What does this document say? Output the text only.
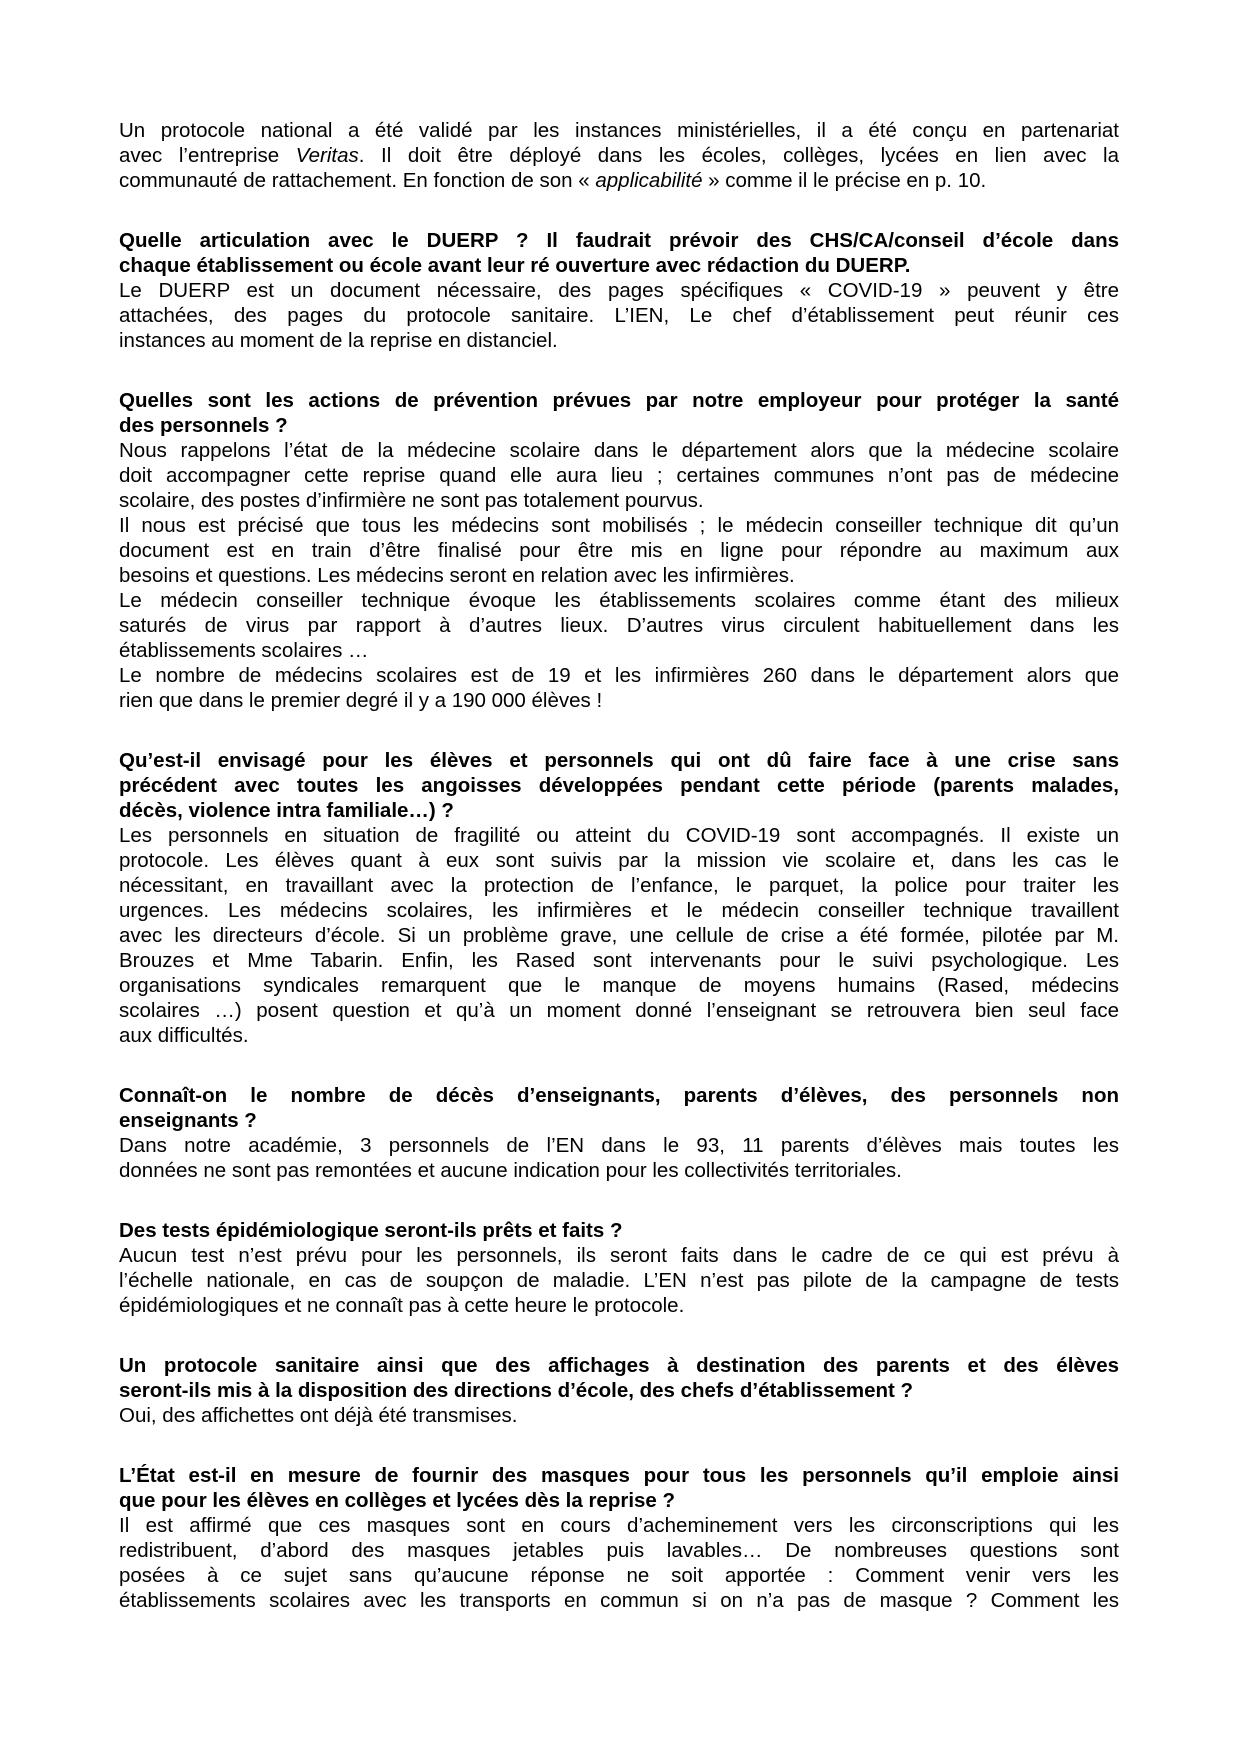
Un protocole national a été validé par les instances ministérielles, il a été conçu en partenariat
avec l’entreprise Veritas. Il doit être déployé dans les écoles, collèges, lycées en lien avec la
communauté de rattachement. En fonction de son « applicabilité » comme il le précise en p. 10.
Quelle articulation avec le DUERP ? Il faudrait prévoir des CHS/CA/conseil d’école dans
chaque établissement ou école avant leur ré ouverture avec rédaction du DUERP.
Le DUERP est un document nécessaire, des pages spécifiques « COVID-19 » peuvent y être
attachées, des pages du protocole sanitaire. L’IEN, Le chef d’établissement peut réunir ces
instances au moment de la reprise en distanciel.
Quelles sont les actions de prévention prévues par notre employeur pour protéger la santé
des personnels ?
Nous rappelons l’état de la médecine scolaire dans le département alors que la médecine scolaire
doit accompagner cette reprise quand elle aura lieu ; certaines communes n’ont pas de médecine
scolaire, des postes d’infirmière ne sont pas totalement pourvus.
Il nous est précisé que tous les médecins sont mobilisés ; le médecin conseiller technique dit qu’un
document est en train d’être finalisé pour être mis en ligne pour répondre au maximum aux
besoins et questions. Les médecins seront en relation avec les infirmières.
Le médecin conseiller technique évoque les établissements scolaires comme étant des milieux
saturés de virus par rapport à d’autres lieux. D’autres virus circulent habituellement dans les
établissements scolaires …
Le nombre de médecins scolaires est de 19 et les infirmières 260 dans le département alors que
rien que dans le premier degré il y a 190 000 élèves !
Qu’est-il envisagé pour les élèves et personnels qui ont dû faire face à une crise sans
précédent avec toutes les angoisses développées pendant cette période (parents malades,
décès, violence intra familiale…) ?
Les personnels en situation de fragilité ou atteint du COVID-19 sont accompagnés. Il existe un
protocole. Les élèves quant à eux sont suivis par la mission vie scolaire et, dans les cas le
nécessitant, en travaillant avec la protection de l’enfance, le parquet, la police pour traiter les
urgences. Les médecins scolaires, les infirmières et le médecin conseiller technique travaillent
avec les directeurs d’école. Si un problème grave, une cellule de crise a été formée, pilotée par M.
Brouzes et Mme Tabarin. Enfin, les Rased sont intervenants pour le suivi psychologique. Les
organisations syndicales remarquent que le manque de moyens humains (Rased, médecins
scolaires …) posent question et qu’à un moment donné l’enseignant se retrouvera bien seul face
aux difficultés.
Connaît-on le nombre de décès d’enseignants, parents d’élèves, des personnels non
enseignants ?
Dans notre académie, 3 personnels de l’EN dans le 93, 11 parents d’élèves mais toutes les
données ne sont pas remontées et aucune indication pour les collectivités territoriales.
Des tests épidémiologique seront-ils prêts et faits ?
Aucun test n’est prévu pour les personnels, ils seront faits dans le cadre de ce qui est prévu à
l’échelle nationale, en cas de soupçon de maladie. L’EN n’est pas pilote de la campagne de tests
épidémiologiques et ne connaît pas à cette heure le protocole.
Un protocole sanitaire ainsi que des affichages à destination des parents et des élèves
seront-ils mis à la disposition des directions d’école, des chefs d’établissement ?
Oui, des affichettes ont déjà été transmises.
L’État est-il en mesure de fournir des masques pour tous les personnels qu’il emploie ainsi
que pour les élèves en collèges et lycées dès la reprise ?
Il est affirmé que ces masques sont en cours d’acheminement vers les circonscriptions qui les
redistribuent, d’abord des masques jetables puis lavables… De nombreuses questions sont
posées à ce sujet sans qu’aucune réponse ne soit apportée : Comment venir vers les
établissements scolaires avec les transports en commun si on n’a pas de masque ? Comment les
